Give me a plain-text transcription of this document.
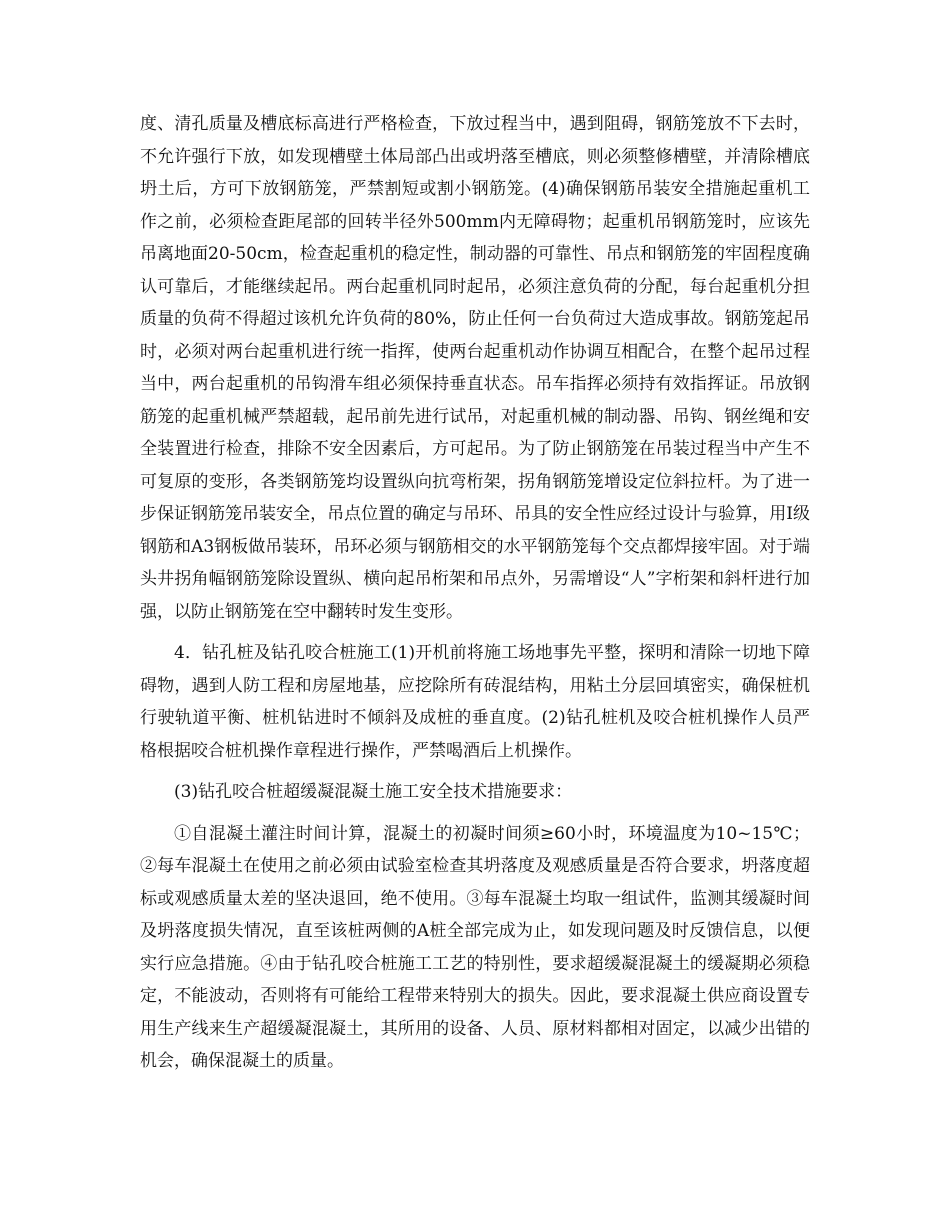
度、清孔质量及槽底标高进行严格检查，下放过程当中，遇到阻碍，钢筋笼放不下去时，不允许强行下放，如发现槽壁土体局部凸出或坍落至槽底，则必须整修槽壁，并清除槽底坍土后，方可下放钢筋笼，严禁割短或割小钢筋笼。(4)确保钢筋吊装安全措施起重机工作之前，必须检查距尾部的回转半径外500mm内无障碍物；起重机吊钢筋笼时，应该先吊离地面20-50cm，检查起重机的稳定性，制动器的可靠性、吊点和钢筋笼的牢固程度确认可靠后，才能继续起吊。两台起重机同时起吊，必须注意负荷的分配，每台起重机分担质量的负荷不得超过该机允许负荷的80%，防止任何一台负荷过大造成事故。钢筋笼起吊时，必须对两台起重机进行统一指挥，使两台起重机动作协调互相配合，在整个起吊过程当中，两台起重机的吊钩滑车组必须保持垂直状态。吊车指挥必须持有效指挥证。吊放钢筋笼的起重机械严禁超载，起吊前先进行试吊，对起重机械的制动器、吊钩、钢丝绳和安全装置进行检查，排除不安全因素后，方可起吊。为了防止钢筋笼在吊装过程当中产生不可复原的变形，各类钢筋笼均设置纵向抗弯桁架，拐角钢筋笼增设定位斜拉杆。为了进一步保证钢筋笼吊装安全，吊点位置的确定与吊环、吊具的安全性应经过设计与验算，用Ⅰ级钢筋和A3钢板做吊装环，吊环必须与钢筋相交的水平钢筋笼每个交点都焊接牢固。对于端头井拐角幅钢筋笼除设置纵、横向起吊桁架和吊点外，另需增设“人”字桁架和斜杆进行加强，以防止钢筋笼在空中翻转时发生变形。

4．钻孔桩及钻孔咬合桩施工(1)开机前将施工场地事先平整，探明和清除一切地下障碍物，遇到人防工程和房屋地基，应挖除所有砖混结构，用粘土分层回填密实，确保桩机行驶轨道平衡、桩机钻进时不倾斜及成桩的垂直度。(2)钻孔桩机及咬合桩机操作人员严格根据咬合桩机操作章程进行操作，严禁喝酒后上机操作。

(3)钻孔咬合桩超缓凝混凝土施工安全技术措施要求：

①自混凝土灌注时间计算，混凝土的初凝时间须≥60小时，环境温度为10~15℃；②每车混凝土在使用之前必须由试验室检查其坍落度及观感质量是否符合要求，坍落度超标或观感质量太差的坚决退回，绝不使用。③每车混凝土均取一组试件，监测其缓凝时间及坍落度损失情况，直至该桩两侧的A桩全部完成为止，如发现问题及时反馈信息，以便实行应急措施。④由于钻孔咬合桩施工工艺的特别性，要求超缓凝混凝土的缓凝期必须稳定，不能波动，否则将有可能给工程带来特别大的损失。因此，要求混凝土供应商设置专用生产线来生产超缓凝混凝土，其所用的设备、人员、原材料都相对固定，以减少出错的机会，确保混凝土的质量。
